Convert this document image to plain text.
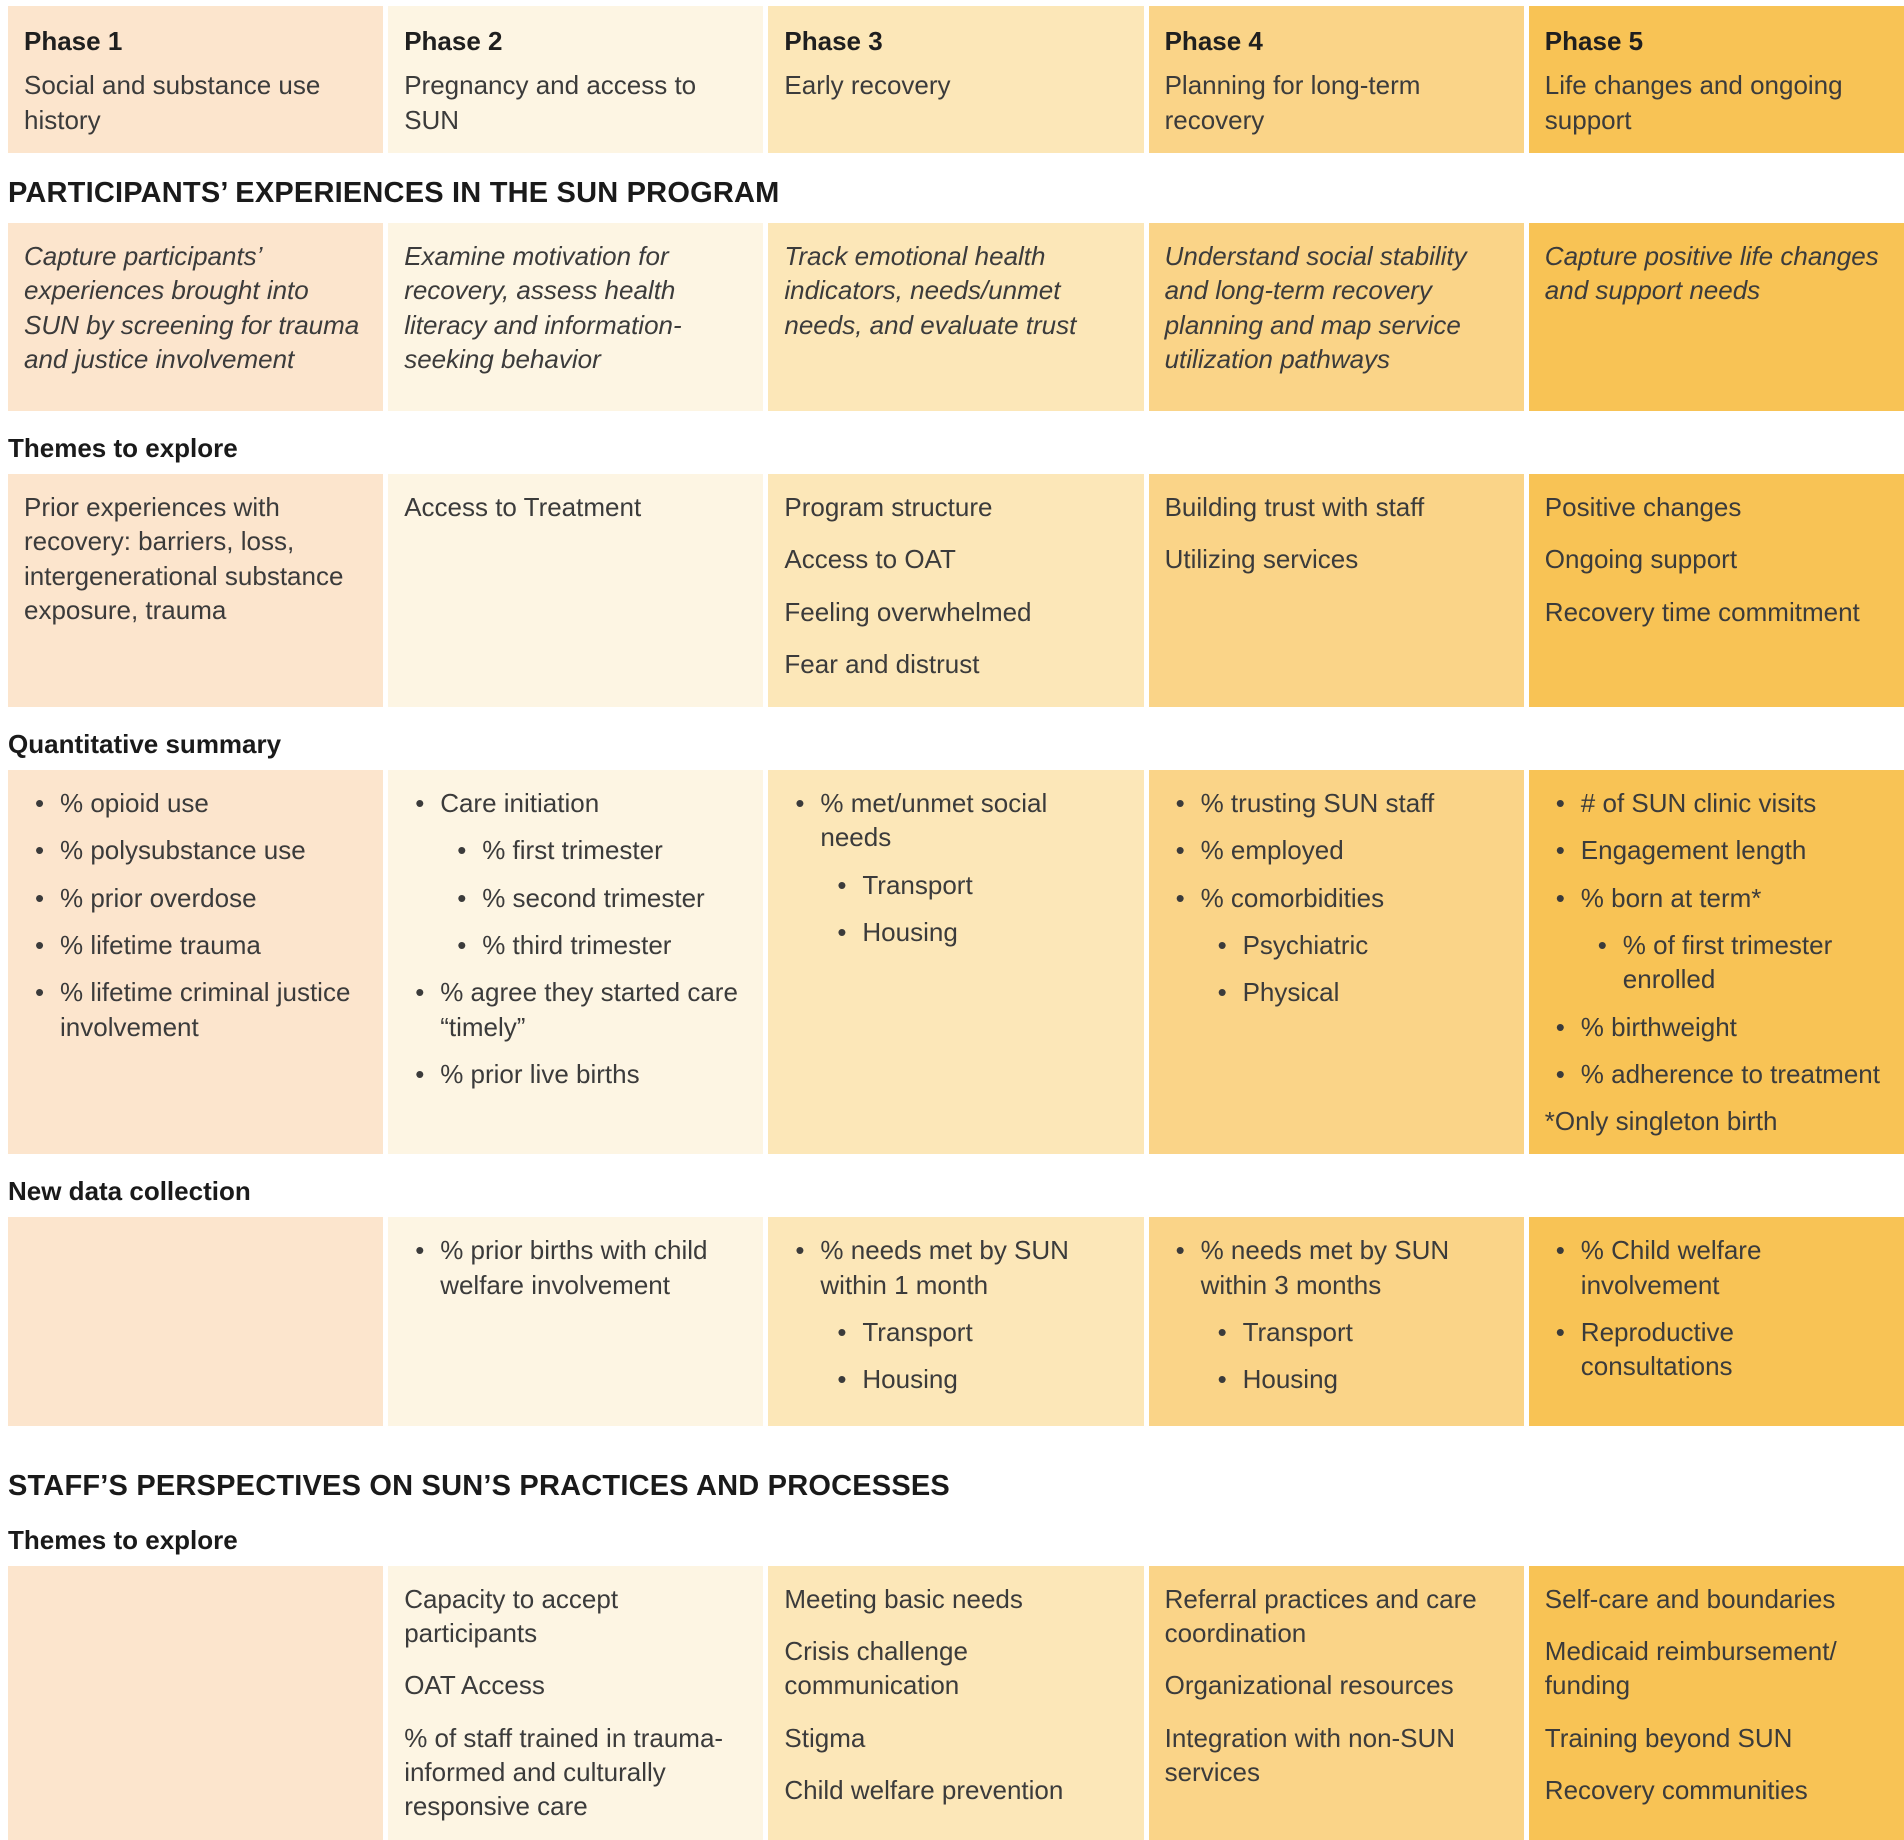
Phase 1
Social and substance use history
Phase 2
Pregnancy and access to SUN
Phase 3
Early recovery
Phase 4
Planning for long-term recovery
Phase 5
Life changes and ongoing support
PARTICIPANTS’ EXPERIENCES IN THE SUN PROGRAM
Capture participants’ experiences brought into SUN by screening for trauma and justice involvement
Examine motivation for recovery, assess health literacy and information- seeking behavior
Track emotional health indicators, needs/unmet needs, and evaluate trust
Understand social stability and long-term recovery planning and map service utilization pathways
Capture positive life changes and support needs
Themes to explore

Prior experiences with recovery: barriers, loss, intergenerational substance exposure, trauma

Access to Treatment	Program structure

Access to OAT

Feeling overwhelmed

Fear and distrust

Building trust with staff

Utilizing services

Positive changes

Ongoing support

Recovery time commitment

Quantitative summary
• % opioid use
• % polysubstance use
• % prior overdose
• % lifetime trauma
• % lifetime criminal justice involvement
• Care initiation
• % first trimester
• % second trimester
• % third trimester
• % agree they started care “timely”
• % prior live births
• % met/unmet social needs
• Transport
• Housing
• % trusting SUN staff
• % employed
• % comorbidities
• Psychiatric
• Physical
• # of SUN clinic visits
• Engagement length
• % born at term*
• % of first trimester enrolled
• % birthweight
• % adherence to treatment

*Only singleton birth

New data collection
• % prior births with child welfare involvement
• % needs met by SUN within 1 month
• Transport
• Housing
• % needs met by SUN within 3 months
• Transport
• Housing
• % Child welfare involvement
• Reproductive consultations
STAFF’S PERSPECTIVES ON SUN’S PRACTICES AND PROCESSES
Themes to explore

Capacity to accept participants

OAT Access

% of staff trained in trauma-informed and culturally responsive care

Meeting basic needs

Crisis challenge communication

Stigma

Child welfare prevention

Referral practices and care coordination

Organizational resources

Integration with non-SUN services

Self-care and boundaries

Medicaid reimbursement/ funding

Training beyond SUN

Recovery communities
